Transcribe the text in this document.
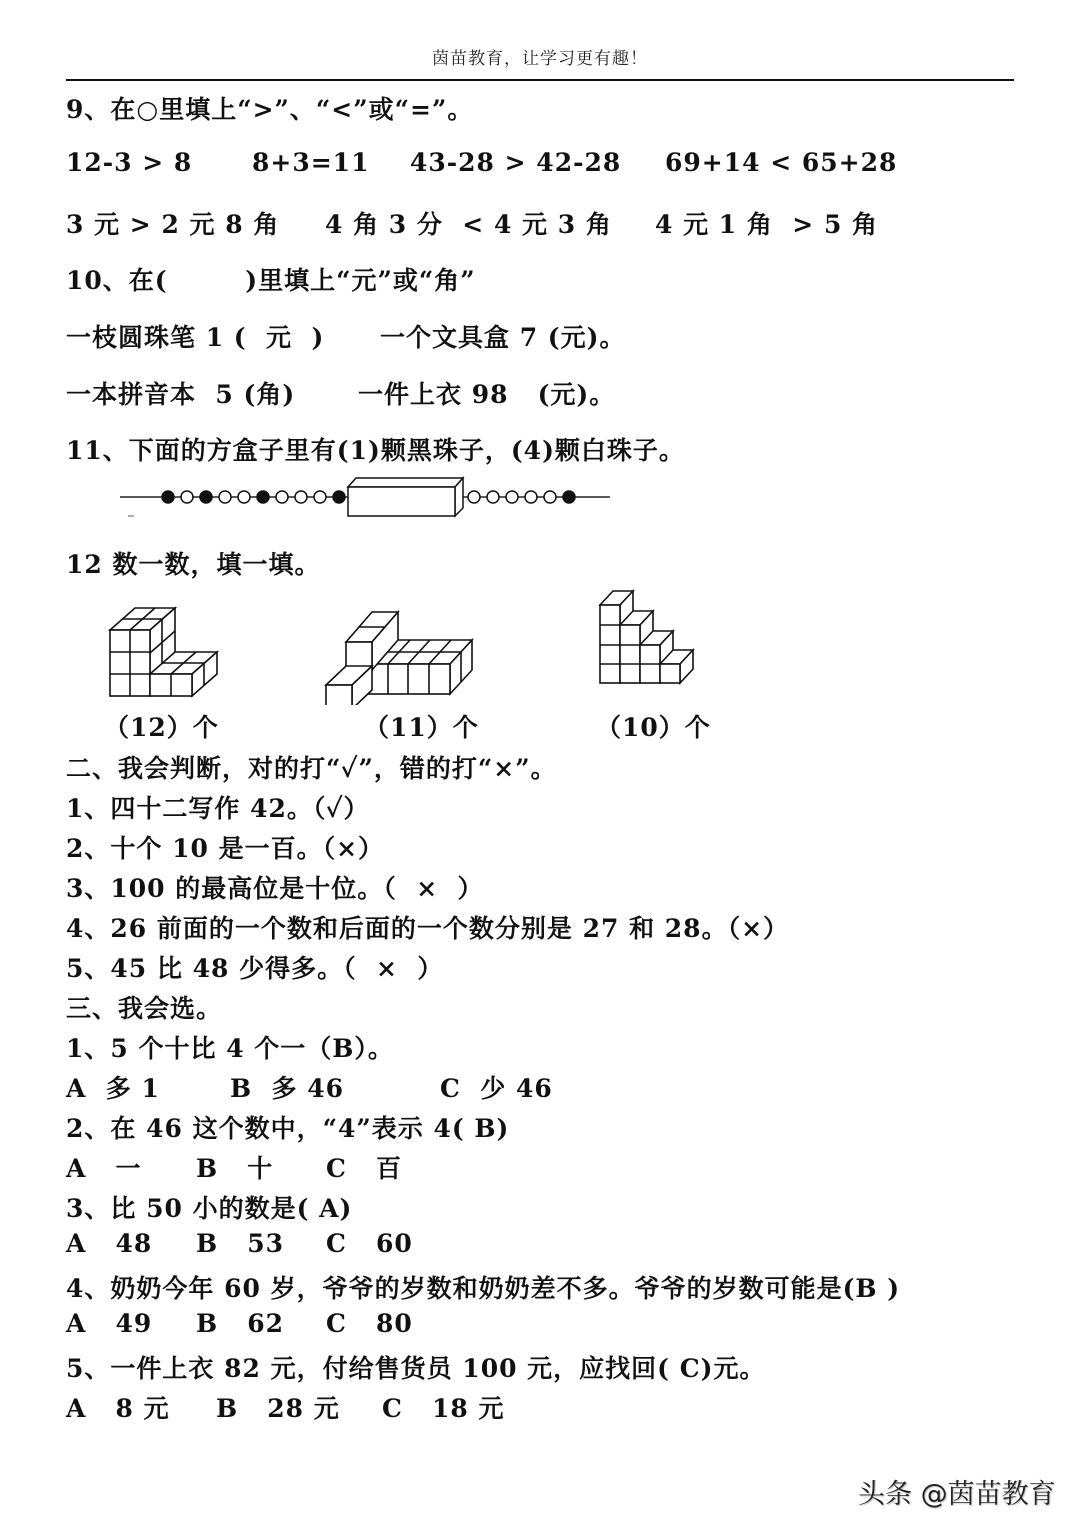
茵苗教育，让学习更有趣！
9、在○里填上“>”、“<”或“=”。
12-3 > 8 8+3=11 43-28 > 42-28 69+14 < 65+28
3 元 > 2 元 8 角 4 角 3 分  < 4 元 3 角 4 元 1 角  > 5 角
10、在(        )里填上“元”或“角”
一枝圆珠笔 1 (  元  ) 一个文具盒 7 (元)。
一本拼音本  5 (角)	一件上衣 98   (元)。
11、下面的方盒子里有(1)颗黑珠子，(4)颗白珠子。
12 数一数，填一填。
（12）个	（11）个	（10）个
二、我会判断，对的打“✓”，错的打“×”。
1、四十二写作 42。（✓）
2、十个 10 是一百。（×）
3、100 的最高位是十位。（  ×  ）
4、26 前面的一个数和后面的一个数分别是 27 和 28。（×）
5、45 比 48 少得多。（  ×  ）
三、我会选。
1、5 个十比 4 个一（B）。
A  多 1	B  多 46	C  少 46
2、在 46 这个数中，“4”表示 4( B)
A   一 B   十 C   百
3、比 50 小的数是( A)
A   48 B   53 C   60
4、奶奶今年 60 岁，爷爷的岁数和奶奶差不多。爷爷的岁数可能是(B )
A   49 B   62 C   80
5、一件上衣 82 元，付给售货员 100 元，应找回( C)元。
A   8 元 B   28 元 C   18 元
头条 @茵苗教育
